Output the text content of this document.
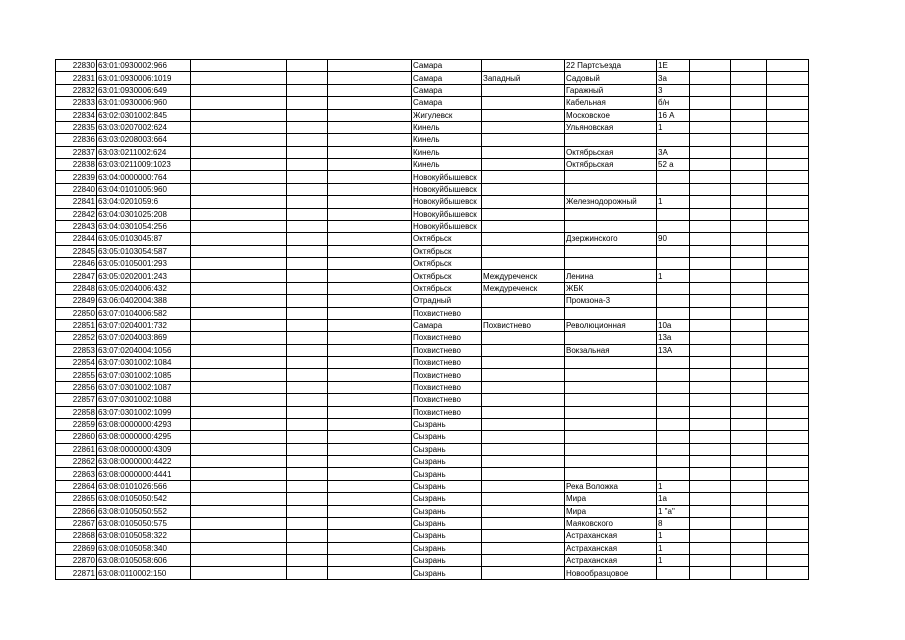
22830	63:01:0930002:966				Самара		22 Партсъезда	1Е			
22831	63:01:0930006:1019				Самара	Западный	Садовый	3а			
22832	63:01:0930006:649				Самара		Гаражный	3			
22833	63:01:0930006:960				Самара		Кабельная	б/н			
22834	63:02:0301002:845				Жигулевск		Московское	16 А			
22835	63:03:0207002:624				Кинель		Ульяновская	1			
22836	63:03:0208003:664				Кинель						
22837	63:03:0211002:624				Кинель		Октябрьская	3А			
22838	63:03:0211009:1023				Кинель		Октябрьская	52 а			
22839	63:04:0000000:764				Новокуйбышевск						
22840	63:04:0101005:960				Новокуйбышевск						
22841	63:04:0201059:6				Новокуйбышевск		Железнодорожный	1			
22842	63:04:0301025:208				Новокуйбышевск						
22843	63:04:0301054:256				Новокуйбышевск						
22844	63:05:0103045:87				Октябрьск		Дзержинского	90			
22845	63:05:0103054:587				Октябрьск						
22846	63:05:0105001:293				Октябрьск						
22847	63:05:0202001:243				Октябрьск	Междуреченск	Ленина	1			
22848	63:05:0204006:432				Октябрьск	Междуреченск	ЖБК				
22849	63:06:0402004:388				Отрадный		Промзона-3				
22850	63:07:0104006:582				Похвистнево						
22851	63:07:0204001:732				Самара	Похвистнево	Революционная	10а			
22852	63:07:0204003:869				Похвистнево			13а			
22853	63:07:0204004:1056				Похвистнево		Вокзальная	13А			
22854	63:07:0301002:1084				Похвистнево						
22855	63:07:0301002:1085				Похвистнево						
22856	63:07:0301002:1087				Похвистнево						
22857	63:07:0301002:1088				Похвистнево						
22858	63:07:0301002:1099				Похвистнево						
22859	63:08:0000000:4293				Сызрань						
22860	63:08:0000000:4295				Сызрань						
22861	63:08:0000000:4309				Сызрань						
22862	63:08:0000000:4422				Сызрань						
22863	63:08:0000000:4441				Сызрань						
22864	63:08:0101026:566				Сызрань		Река Воложка	1			
22865	63:08:0105050:542				Сызрань		Мира	1а			
22866	63:08:0105050:552				Сызрань		Мира	1 "а"			
22867	63:08:0105050:575				Сызрань		Маяковского	8			
22868	63:08:0105058:322				Сызрань		Астраханская	1			
22869	63:08:0105058:340				Сызрань		Астраханская	1			
22870	63:08:0105058:606				Сызрань		Астраханская	1			
22871	63:08:0110002:150				Сызрань		Новообразцовое				
